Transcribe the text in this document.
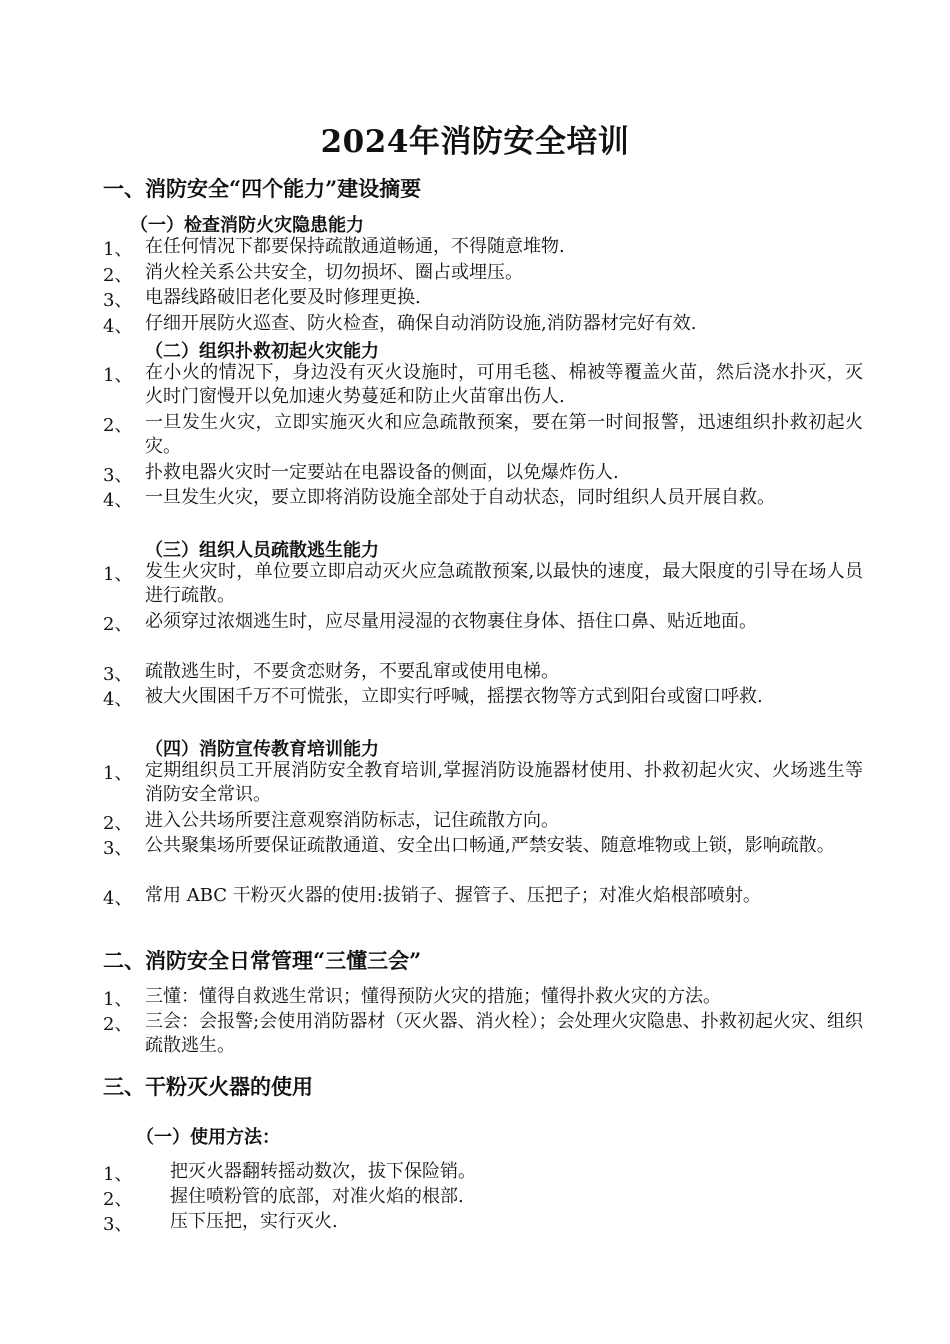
2024年消防安全培训
一、消防安全“四个能力”建设摘要
（一）检查消防火灾隐患能力
1、 在任何情况下都要保持疏散通道畅通，不得随意堆物.
2、 消火栓关系公共安全，切勿损坏、圈占或埋压。
3、 电器线路破旧老化要及时修理更换.
4、 仔细开展防火巡查、防火检查，确保自动消防设施,消防器材完好有效.
（二）组织扑救初起火灾能力
1、 在小火的情况下，身边没有灭火设施时，可用毛毯、棉被等覆盖火苗，然后浇水扑灭，灭火时门窗慢开以免加速火势蔓延和防止火苗窜出伤人.
2、 一旦发生火灾，立即实施灭火和应急疏散预案，要在第一时间报警，迅速组织扑救初起火灾。
3、 扑救电器火灾时一定要站在电器设备的侧面，以免爆炸伤人.
4、 一旦发生火灾，要立即将消防设施全部处于自动状态，同时组织人员开展自救。
（三）组织人员疏散逃生能力
1、 发生火灾时，单位要立即启动灭火应急疏散预案,以最快的速度，最大限度的引导在场人员进行疏散。
2、 必须穿过浓烟逃生时，应尽量用浸湿的衣物裹住身体、捂住口鼻、贴近地面。
3、 疏散逃生时，不要贪恋财务，不要乱窜或使用电梯。
4、 被大火围困千万不可慌张，立即实行呼喊，摇摆衣物等方式到阳台或窗口呼救.
（四）消防宣传教育培训能力
1、 定期组织员工开展消防安全教育培训,掌握消防设施器材使用、扑救初起火灾、火场逃生等消防安全常识。
2、 进入公共场所要注意观察消防标志，记住疏散方向。
3、 公共聚集场所要保证疏散通道、安全出口畅通,严禁安装、随意堆物或上锁，影响疏散。
4、 常用 ABC 干粉灭火器的使用:拔销子、握管子、压把子；对准火焰根部喷射。
二、消防安全日常管理“三懂三会”
1、 三懂：懂得自救逃生常识；懂得预防火灾的措施；懂得扑救火灾的方法。
2、 三会：会报警;会使用消防器材（灭火器、消火栓）；会处理火灾隐患、扑救初起火灾、组织疏散逃生。
三、干粉灭火器的使用
（一）使用方法：
1、 把灭火器翻转摇动数次，拔下保险销。
2、 握住喷粉管的底部，对准火焰的根部.
3、 压下压把，实行灭火.
